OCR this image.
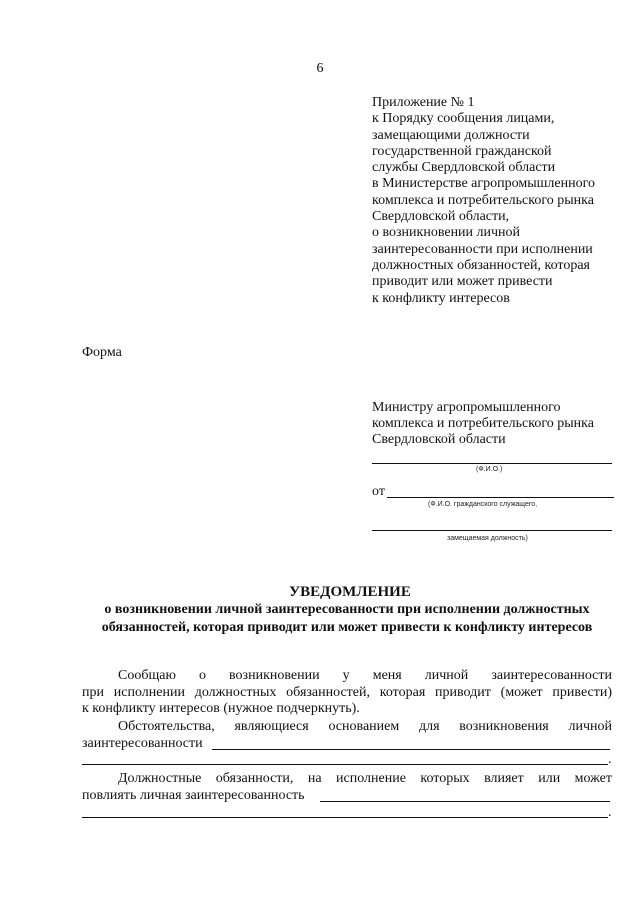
6
Приложение № 1
к Порядку сообщения лицами,
замещающими должности
государственной гражданской
службы Свердловской области
в Министерстве агропромышленного
комплекса и потребительского рынка
Свердловской области,
о возникновении личной
заинтересованности при исполнении
должностных обязанностей, которая
приводит или может привести
к конфликту интересов
Форма
Министру агропромышленного
комплекса и потребительского рынка
Свердловской области
(Ф.И.О.)
от
(Ф.И.О. гражданского служащего,
замещаемая должность)
УВЕДОМЛЕНИЕ
о возникновении личной заинтересованности при исполнении должностных
обязанностей, которая приводит или может привести к конфликту интересов
Сообщаю о возникновении у меня личной заинтересованности
при исполнении должностных обязанностей, которая приводит (может привести)
к конфликту интересов (нужное подчеркнуть).
Обстоятельства, являющиеся основанием для возникновения личной
заинтересованности
.
Должностные обязанности, на исполнение которых влияет или может
повлиять личная заинтересованность
.
